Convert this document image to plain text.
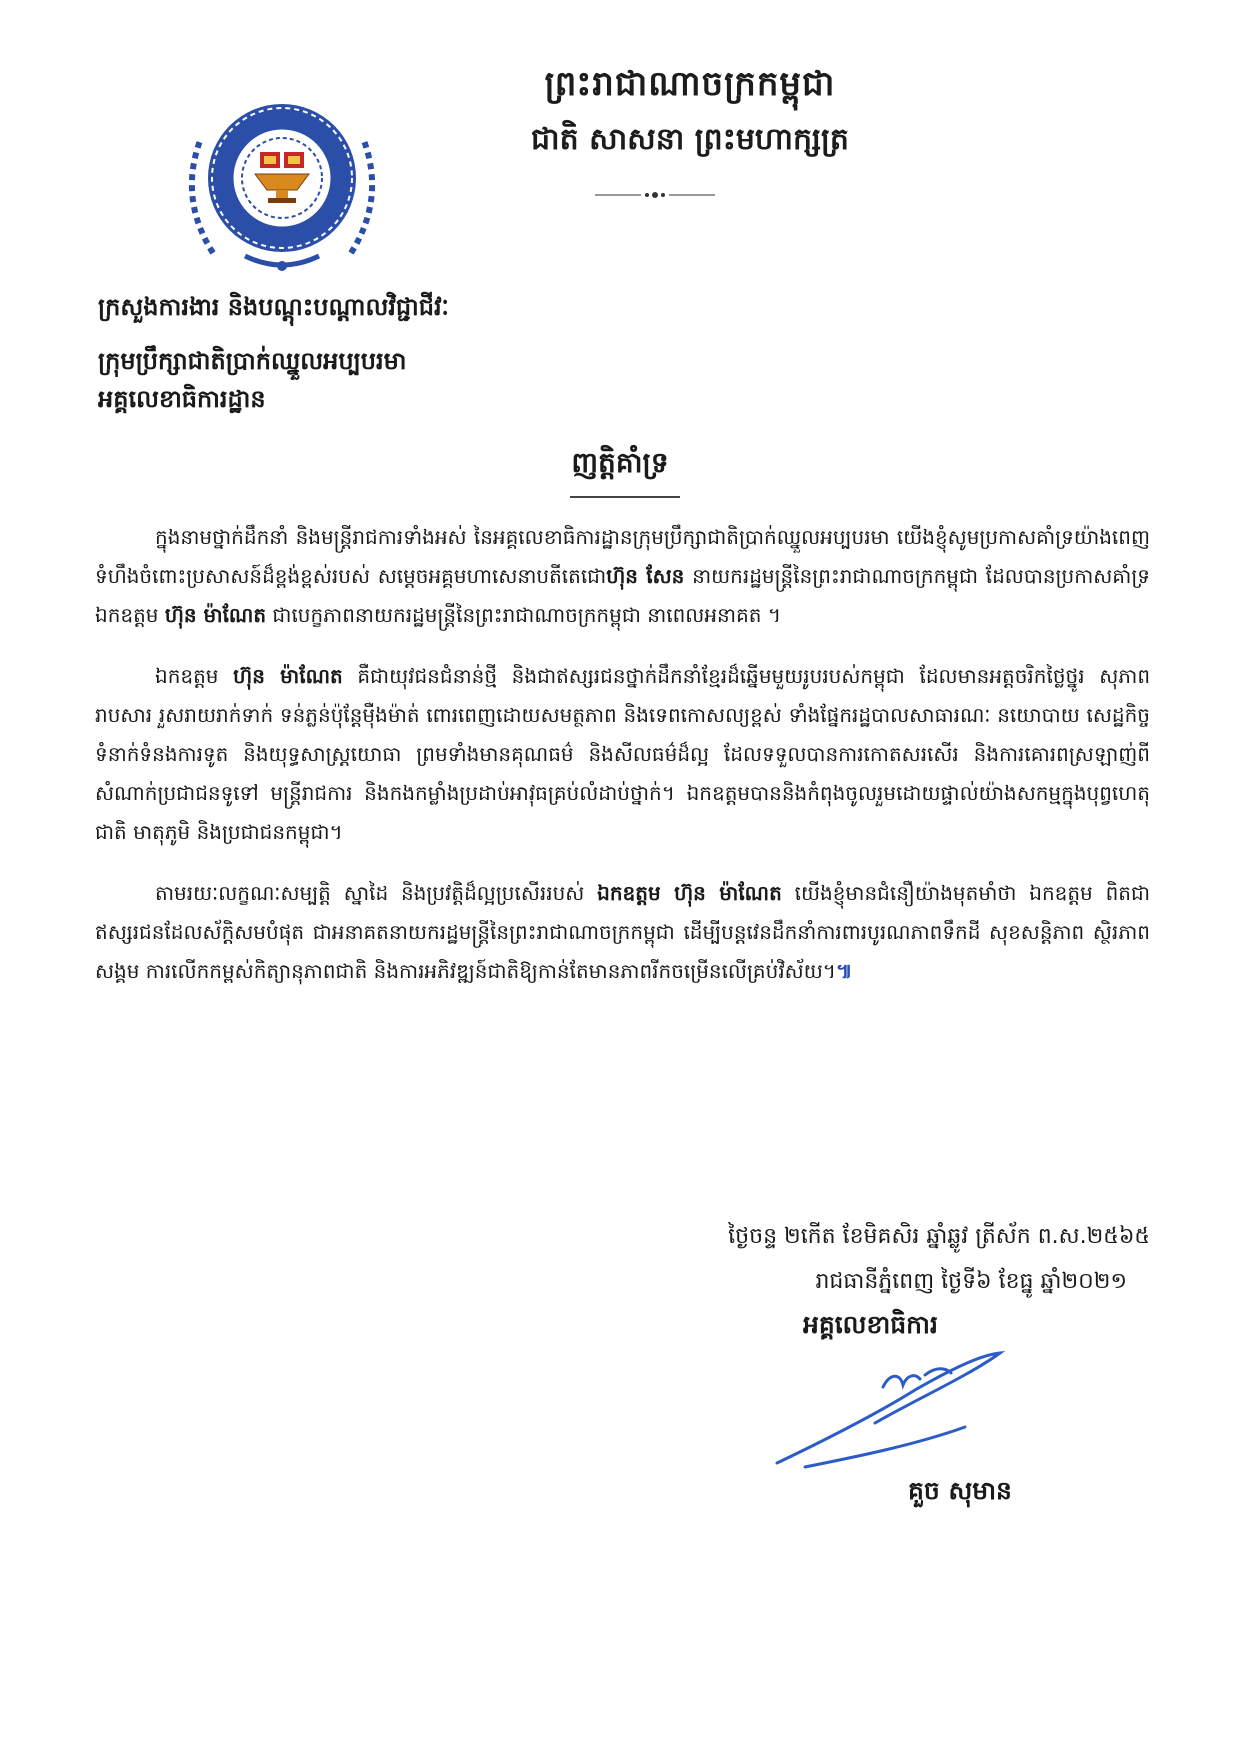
ព្រះរាជាណាចក្រកម្ពុជា
ជាតិ សាសនា ព្រះមហាក្សត្រ
ក្រសួងការងារ និងបណ្តុះបណ្តាលវិជ្ជាជីវៈ
ក្រុមប្រឹក្សាជាតិប្រាក់ឈ្នួលអប្បបរមា
អគ្គលេខាធិការដ្ឋាន
ញត្តិគាំទ្រ

ក្នុងនាមថ្នាក់ដឹកនាំ និងមន្ត្រីរាជការទាំងអស់ នៃអគ្គលេខាធិការដ្ឋានក្រុមប្រឹក្សាជាតិប្រាក់ឈ្នួលអប្បបរមា យើងខ្ញុំសូមប្រកាសគាំទ្រយ៉ាងពេញទំហឹងចំពោះប្រសាសន៍ដ៏ខ្ពង់ខ្ពស់របស់ សម្តេចអគ្គមហាសេនាបតីតេជោហ៊ុន សែន នាយករដ្ឋមន្ត្រីនៃព្រះរាជាណាចក្រកម្ពុជា ដែលបានប្រកាសគាំទ្រ ឯកឧត្តម ហ៊ុន ម៉ាណែត ជាបេក្ខភាពនាយករដ្ឋមន្ត្រីនៃព្រះរាជាណាចក្រកម្ពុជា នាពេលអនាគត ។

ឯកឧត្តម ហ៊ុន ម៉ាណែត គឺជាយុវជនជំនាន់ថ្មី និងជាឥស្សរជនថ្នាក់ដឹកនាំខ្មែរដ៏ឆ្នើមមួយរូបរបស់កម្ពុជា ដែលមានអត្តចរិកថ្លៃថ្នូរ សុភាពរាបសារ រួសរាយរាក់ទាក់ ទន់ភ្លន់ប៉ុន្តែម៉ឺងម៉ាត់ ពោរពេញដោយសមត្ថភាព និងទេពកោសល្យខ្ពស់ ទាំងផ្នែករដ្ឋបាលសាធារណៈ នយោបាយ សេដ្ឋកិច្ច ទំនាក់ទំនងការទូត និងយុទ្ធសាស្ត្រយោធា ព្រមទាំងមានគុណធម៌ និងសីលធម៌ដ៏ល្អ ដែលទទួលបានការកោតសរសើរ និងការគោរពស្រឡាញ់ពីសំណាក់ប្រជាជនទូទៅ មន្ត្រីរាជការ និងកងកម្លាំងប្រដាប់អាវុធគ្រប់លំដាប់ថ្នាក់។ ឯកឧត្តមបាននិងកំពុងចូលរួមដោយផ្ទាល់យ៉ាងសកម្មក្នុងបុព្វហេតុជាតិ មាតុភូមិ និងប្រជាជនកម្ពុជា។

តាមរយៈលក្ខណៈសម្បត្តិ ស្នាដៃ និងប្រវត្តិដ៏ល្អប្រសើររបស់ ឯកឧត្តម ហ៊ុន ម៉ាណែត យើងខ្ញុំមានជំនឿយ៉ាងមុតមាំថា ឯកឧត្តម ពិតជាឥស្សរជនដែលស័ក្តិសមបំផុត ជាអនាគតនាយករដ្ឋមន្ត្រីនៃព្រះរាជាណាចក្រកម្ពុជា ដើម្បីបន្តវេនដឹកនាំការពារបូរណភាពទឹកដី សុខសន្តិភាព ស្ថិរភាពសង្គម ការលើកកម្ពស់កិត្យានុភាពជាតិ និងការអភិវឌ្ឍន៍ជាតិឱ្យកាន់តែមានភាពរីកចម្រើនលើគ្រប់វិស័យ។៕

ថ្ងៃចន្ទ ២កើត ខែមិគសិរ ឆ្នាំឆ្លូវ ត្រីស័ក ព.ស.២៥៦៥
រាជធានីភ្នំពេញ ថ្ងៃទី៦ ខែធ្នូ ឆ្នាំ២០២១
អគ្គលេខាធិការ
គួច សុមាន
